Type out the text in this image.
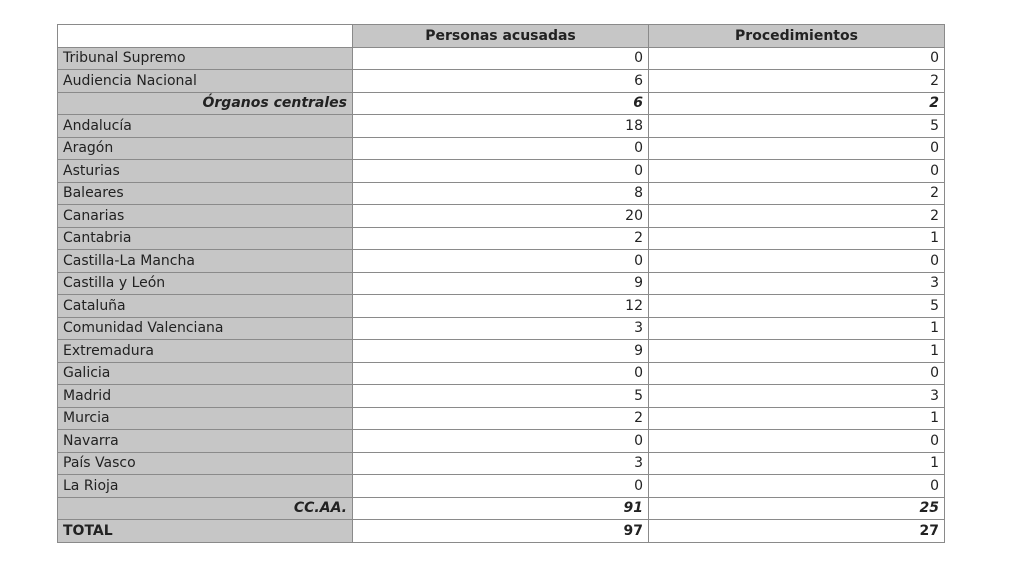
	Personas acusadas	Procedimientos
Tribunal Supremo	0	0
Audiencia Nacional	6	2
Órganos centrales	6	2
Andalucía	18	5
Aragón	0	0
Asturias	0	0
Baleares	8	2
Canarias	20	2
Cantabria	2	1
Castilla-La Mancha	0	0
Castilla y León	9	3
Cataluña	12	5
Comunidad Valenciana	3	1
Extremadura	9	1
Galicia	0	0
Madrid	5	3
Murcia	2	1
Navarra	0	0
País Vasco	3	1
La Rioja	0	0
CC.AA.	91	25
TOTAL	97	27
